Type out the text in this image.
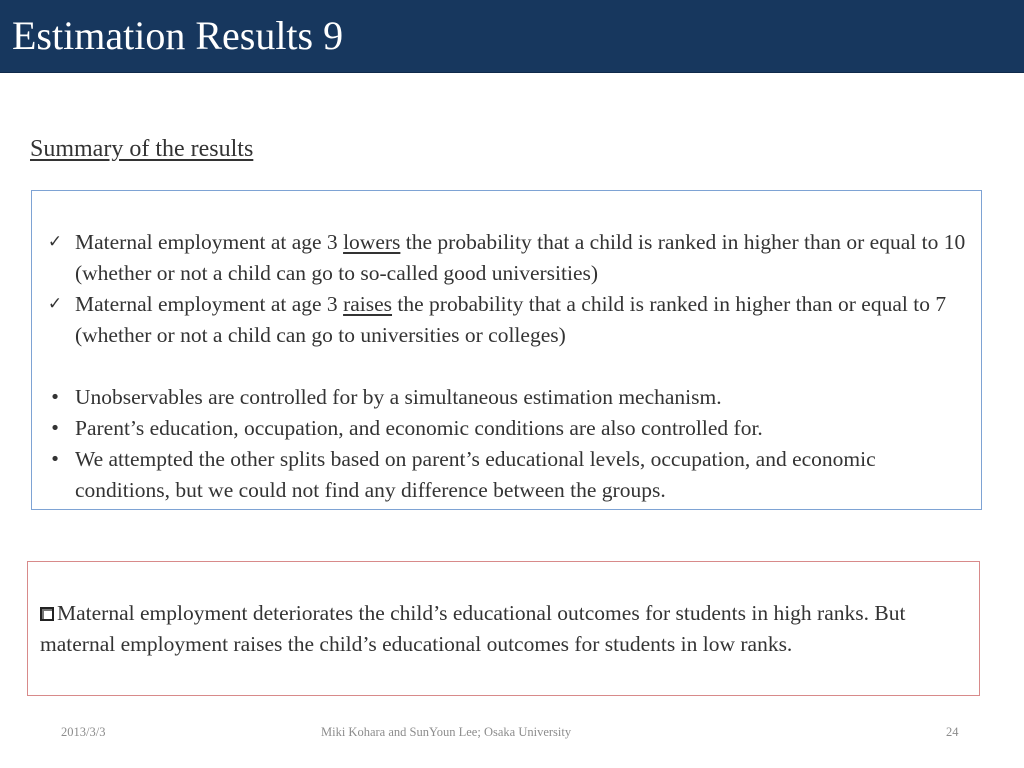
Estimation Results 9
Summary of the results
✓ Maternal employment at age 3 lowers the probability that a child is ranked in higher than or equal to 10 (whether or not a child can go to so-called good universities)
✓ Maternal employment at age 3 raises the probability that a child is ranked in higher than or equal to 7 (whether or not a child can go to universities or colleges)
• Unobservables are controlled for by a simultaneous estimation mechanism.
• Parent’s education, occupation, and economic conditions are also controlled for.
• We attempted the other splits based on parent’s educational levels, occupation, and economic conditions, but we could not find any difference between the groups.

Maternal employment deteriorates the child’s educational outcomes for students in high ranks. But maternal employment raises the child’s educational outcomes for students in low ranks.

2013/3/3	Miki Kohara and SunYoun Lee; Osaka University	24
